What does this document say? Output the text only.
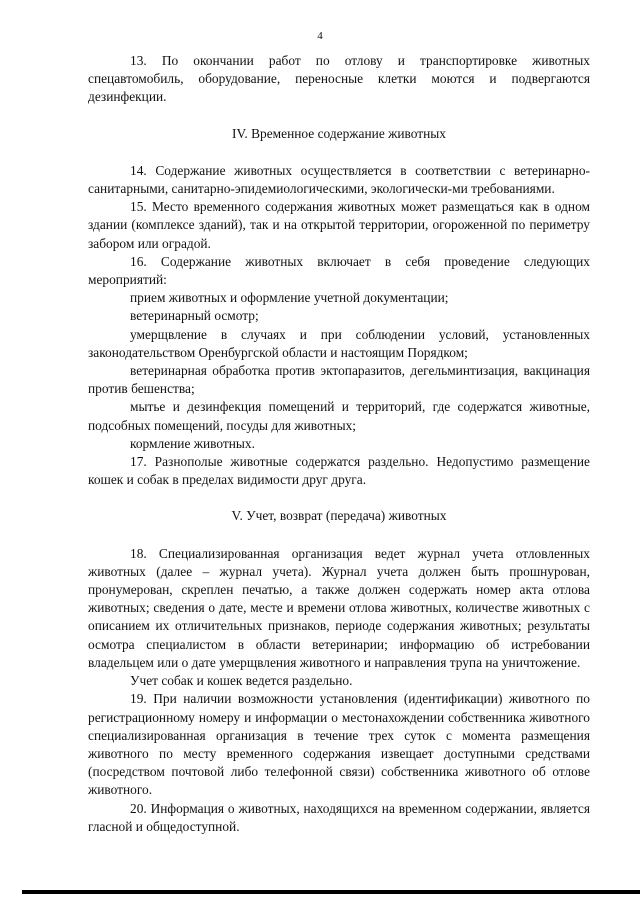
4

13. По окончании работ по отлову и транспортировке животных спецавтомобиль, оборудование, переносные клетки моются и подвергаются дезинфекции.

IV. Временное содержание животных

14. Содержание животных осуществляется в соответствии с ветеринарно-санитарными, санитарно-эпидемиологическими, экологически-ми требованиями.

15. Место временного содержания животных может размещаться как в одном здании (комплексе зданий), так и на открытой территории, огороженной по периметру забором или оградой.

16. Содержание животных включает в себя проведение следующих мероприятий:

прием животных и оформление учетной документации;

ветеринарный осмотр;

умерщвление в случаях и при соблюдении условий, установленных законодательством Оренбургской области и настоящим Порядком;

ветеринарная обработка против эктопаразитов, дегельминтизация, вакцинация против бешенства;

мытье и дезинфекция помещений и территорий, где содержатся животные, подсобных помещений, посуды для животных;

кормление животных.

17. Разнополые животные содержатся раздельно. Недопустимо размещение кошек и собак в пределах видимости друг друга.

V. Учет, возврат (передача) животных

18. Специализированная организация ведет журнал учета отловленных животных (далее – журнал учета). Журнал учета должен быть прошнурован, пронумерован, скреплен печатью, а также должен содержать номер акта отлова животных; сведения о дате, месте и времени отлова животных, количестве животных с описанием их отличительных признаков, периоде содержания животных; результаты осмотра специалистом в области ветеринарии; информацию об истребовании владельцем или о дате умерщвления животного и направления трупа на уничтожение.

Учет собак и кошек ведется раздельно.

19. При наличии возможности установления (идентификации) животного по регистрационному номеру и информации о местонахождении собственника животного специализированная организация в течение трех суток с момента размещения животного по месту временного содержания извещает доступными средствами (посредством почтовой либо телефонной связи) собственника животного об отлове животного.

20. Информация о животных, находящихся на временном содержании, является гласной и общедоступной.
